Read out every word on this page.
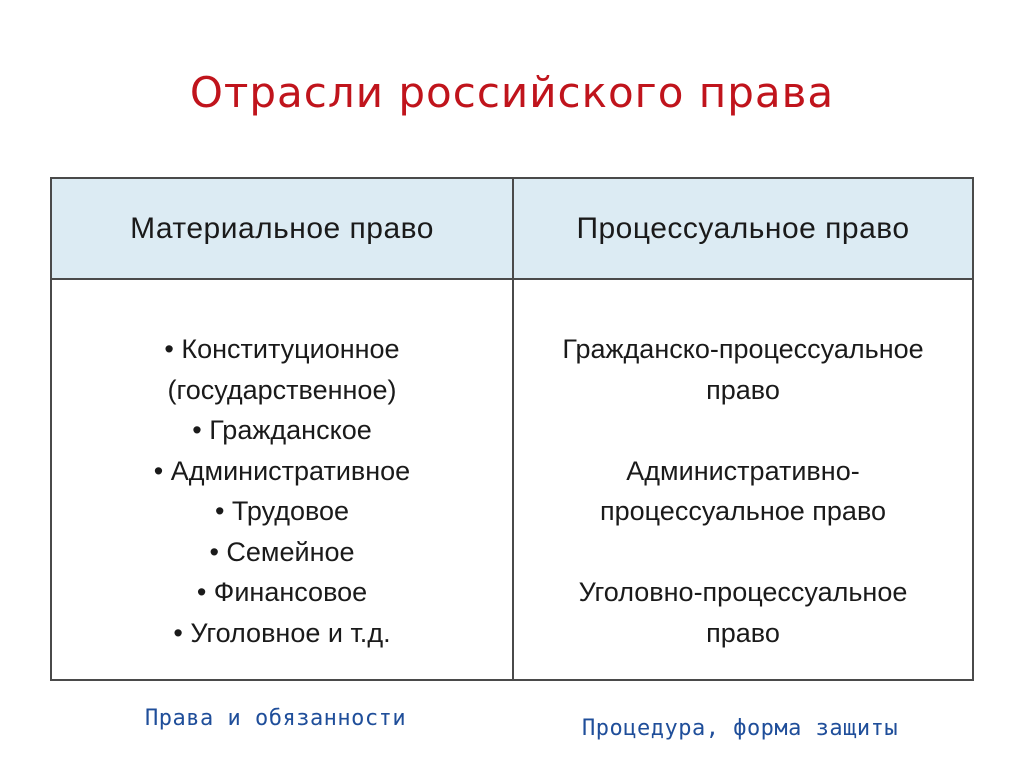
Отрасли российского права
Материальное право	Процессуальное право
• Конституционное
(государственное)
• Гражданское
• Административное
• Трудовое
• Семейное
• Финансовое
• Уголовное и т.д.
Гражданско-процессуальное
право
Административно-
процессуальное право
Уголовно-процессуальное
право
Права и обязанности	Процедура, форма защиты
